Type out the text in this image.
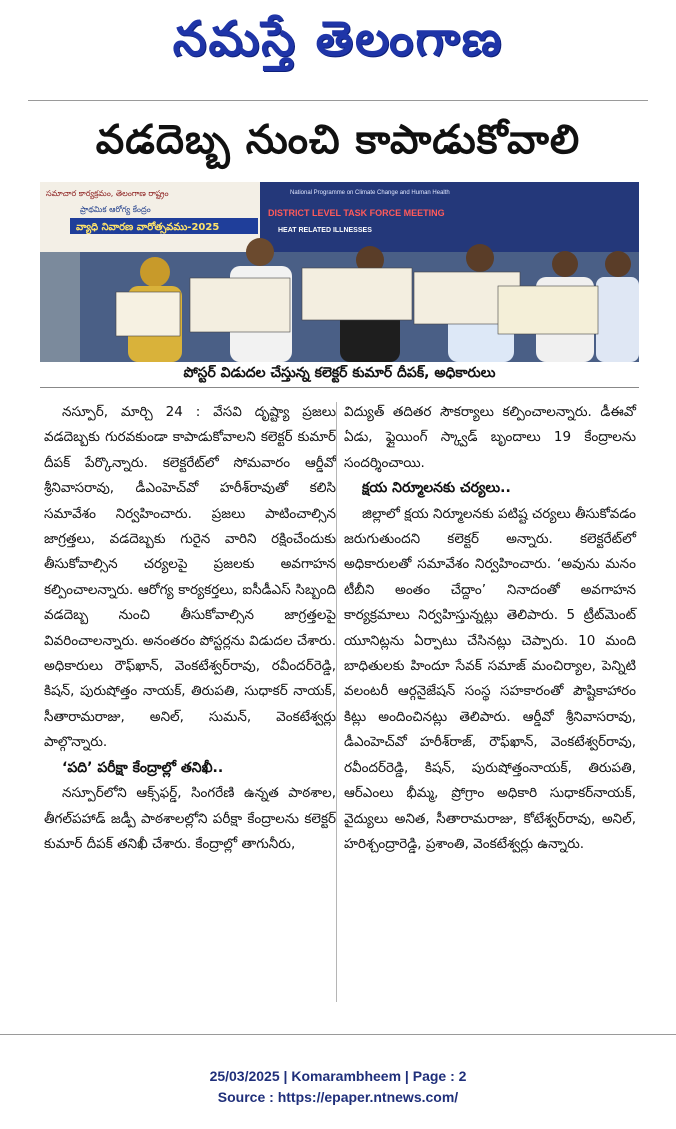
నమస్తే తెలంగాణ
వడదెబ్బ నుంచి కాపాడుకోవాలి
సమాచార కార్యక్రమం, తెలంగాణ రాష్ట్రం
ప్రాథమిక ఆరోగ్య కేంద్రం
వ్యాధి నివారణ వారోత్సవము-2025
National Programme on Climate Change and Human Health
DISTRICT LEVEL TASK FORCE MEETING
HEAT RELATED ILLNESSES
పోస్టర్ విడుదల చేస్తున్న కలెక్టర్ కుమార్ దీపక్, అధికారులు

నస్పూర్, మార్చి 24 : వేసవి దృష్ట్యా ప్రజలు వడదెబ్బకు గురవకుండా కాపాడుకోవాలని కలెక్టర్ కుమార్ దీపక్ పేర్కొన్నారు. కలెక్టరేట్‌లో సోమవారం ఆర్డీవో శ్రీనివాసరావు, డీఎంహెచ్‌వో హరీశ్‌రావుతో కలిసి సమావేశం నిర్వహించారు. ప్రజలు పాటించాల్సిన జాగ్రత్తలు, వడదెబ్బకు గురైన వారిని రక్షించేందుకు తీసుకోవాల్సిన చర్యలపై ప్రజలకు అవగాహన కల్పించాలన్నారు. ఆరోగ్య కార్యకర్తలు, ఐసీడీఎస్ సిబ్బంది వడదెబ్బ నుంచి తీసుకోవాల్సిన జాగ్రత్తలపై వివరించాలన్నారు. అనంతరం పోస్టర్లను విడుదల చేశారు. అధికారులు రౌఫ్‌ఖాన్, వెంకటేశ్వర్‌రావు, రవీందర్‌రెడ్డి, కిషన్, పురుషోత్తం నాయక్, తిరుపతి, సుధాకర్ నాయక్, సీతారామరాజు, అనిల్, సుమన్, వెంకటేశ్వర్లు పాల్గొన్నారు.

‘పది’ పరీక్షా కేంద్రాల్లో తనిఖీ..

నస్పూర్‌లోని ఆక్స్‌ఫర్డ్, సింగరేణి ఉన్నత పాఠశాల, తీగల్‌పహాడ్ జడ్పీ పాఠశాలల్లోని పరీక్షా కేంద్రాలను కలెక్టర్ కుమార్ దీపక్ తనిఖీ చేశారు. కేంద్రాల్లో తాగునీరు,

విద్యుత్ తదితర సౌకర్యాలు కల్పించాలన్నారు. డీఈవో ఏడు, ఫ్లైయింగ్ స్క్వాడ్ బృందాలు 19 కేంద్రాలను సందర్శించాయి.

క్షయ నిర్మూలనకు చర్యలు..

జిల్లాలో క్షయ నిర్మూలనకు పటిష్ట చర్యలు తీసుకోవడం జరుగుతుందని కలెక్టర్ అన్నారు. కలెక్టరేట్‌లో అధికారులతో సమావేశం నిర్వహించారు. ‘అవును మనం టీబీని అంతం చేద్దాం’ నినాదంతో అవగాహన కార్యక్రమాలు నిర్వహిస్తున్నట్లు తెలిపారు. 5 ట్రీట్‌మెంట్ యూనిట్లను ఏర్పాటు చేసినట్లు చెప్పారు. 10 మంది బాధితులకు హిందూ సేవక్ సమాజ్ మంచిర్యాల, పెన్నిటి వలంటరీ ఆర్గనైజేషన్ సంస్థ సహకారంతో పౌష్టికాహారం కిట్లు అందించినట్లు తెలిపారు. ఆర్డీవో శ్రీనివాసరావు, డీఎంహెచ్‌వో హరీశ్‌రాజ్, రౌఫ్‌ఖాన్, వెంకటేశ్వర్‌రావు, రవీందర్‌రెడ్డి, కిషన్, పురుషోత్తంనాయక్, తిరుపతి, ఆర్‌ఎంలు భీమ్మ, ప్రోగ్రాం అధికారి సుధాకర్‌నాయక్, వైద్యులు అనిత, సీతారామరాజు, కోటేశ్వర్‌రావు, అనిల్, హరిశ్చంద్రారెడ్డి, ప్రశాంతి, వెంకటేశ్వర్లు ఉన్నారు.

25/03/2025 | Komarambheem | Page : 2
Source : https://epaper.ntnews.com/
